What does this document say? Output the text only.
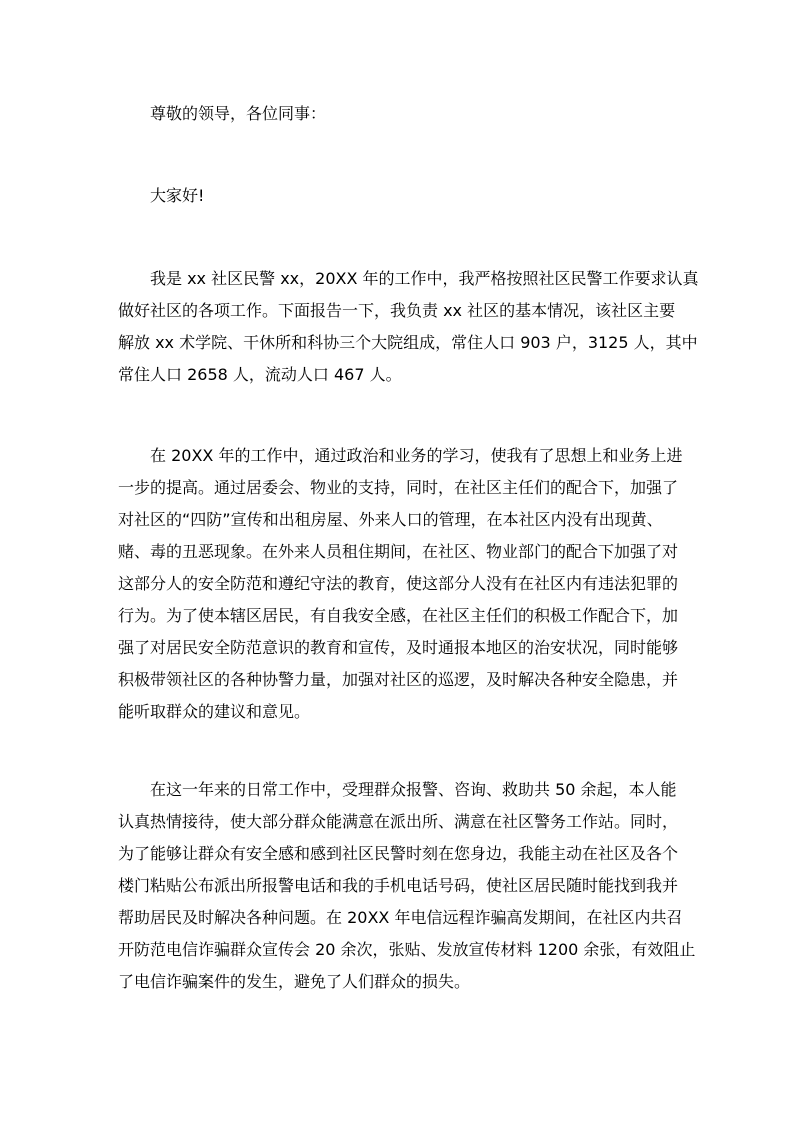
尊敬的领导，各位同事：
大家好!
我是 xx 社区民警 xx，20XX 年的工作中，我严格按照社区民警工作要求认真
做好社区的各项工作。下面报告一下，我负责 xx 社区的基本情况，该社区主要
解放 xx 术学院、干休所和科协三个大院组成，常住人口 903 户，3125 人，其中
常住人口 2658 人，流动人口 467 人。
在 20XX 年的工作中，通过政治和业务的学习，使我有了思想上和业务上进
一步的提高。通过居委会、物业的支持，同时，在社区主任们的配合下，加强了
对社区的“四防”宣传和出租房屋、外来人口的管理，在本社区内没有出现黄、
赌、毒的丑恶现象。在外来人员租住期间，在社区、物业部门的配合下加强了对
这部分人的安全防范和遵纪守法的教育，使这部分人没有在社区内有违法犯罪的
行为。为了使本辖区居民，有自我安全感，在社区主任们的积极工作配合下，加
强了对居民安全防范意识的教育和宣传，及时通报本地区的治安状况，同时能够
积极带领社区的各种协警力量，加强对社区的巡逻，及时解决各种安全隐患，并
能听取群众的建议和意见。
在这一年来的日常工作中，受理群众报警、咨询、救助共 50 余起，本人能
认真热情接待，使大部分群众能满意在派出所、满意在社区警务工作站。同时，
为了能够让群众有安全感和感到社区民警时刻在您身边，我能主动在社区及各个
楼门粘贴公布派出所报警电话和我的手机电话号码，使社区居民随时能找到我并
帮助居民及时解决各种问题。在 20XX 年电信远程诈骗高发期间，在社区内共召
开防范电信诈骗群众宣传会 20 余次，张贴、发放宣传材料 1200 余张，有效阻止
了电信诈骗案件的发生，避免了人们群众的损失。
